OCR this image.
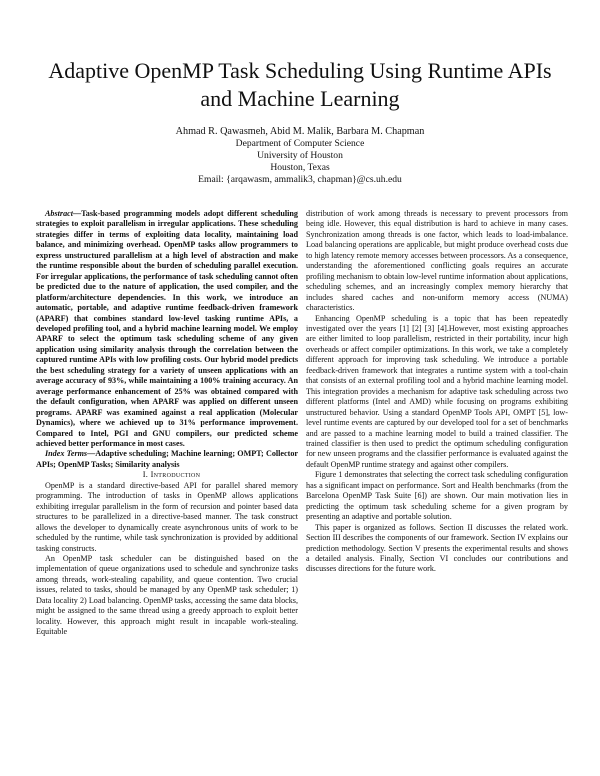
Adaptive OpenMP Task Scheduling Using Runtime APIs and Machine Learning
Ahmad R. Qawasmeh, Abid M. Malik, Barbara M. Chapman
Department of Computer Science
University of Houston
Houston, Texas
Email: {arqawasm, ammalik3, chapman}@cs.uh.edu

Abstract—Task-based programming models adopt different scheduling strategies to exploit parallelism in irregular applications. These scheduling strategies differ in terms of exploiting data locality, maintaining load balance, and minimizing overhead. OpenMP tasks allow programmers to express unstructured parallelism at a high level of abstraction and make the runtime responsible about the burden of scheduling parallel execution. For irregular applications, the performance of task scheduling cannot often be predicted due to the nature of application, the used compiler, and the platform/architecture dependencies. In this work, we introduce an automatic, portable, and adaptive runtime feedback-driven framework (APARF) that combines standard low-level tasking runtime APIs, a developed profiling tool, and a hybrid machine learning model. We employ APARF to select the optimum task scheduling scheme of any given application using similarity analysis through the correlation between the captured runtime APIs with low profiling costs. Our hybrid model predicts the best scheduling strategy for a variety of unseen applications with an average accuracy of 93%, while maintaining a 100% training accuracy. An average performance enhancement of 25% was obtained compared with the default configuration, when APARF was applied on different unseen programs. APARF was examined against a real application (Molecular Dynamics), where we achieved up to 31% performance improvement. Compared to Intel, PGI and GNU compilers, our predicted scheme achieved better performance in most cases.

Index Terms—Adaptive scheduling; Machine learning; OMPT; Collector APIs; OpenMP Tasks; Similarity analysis

I. Introduction

OpenMP is a standard directive-based API for parallel shared memory programming. The introduction of tasks in OpenMP allows applications exhibiting irregular parallelism in the form of recursion and pointer based data structures to be parallelized in a directive-based manner. The task construct allows the developer to dynamically create asynchronous units of work to be scheduled by the runtime, while task synchronization is provided by additional tasking constructs.

An OpenMP task scheduler can be distinguished based on the implementation of queue organizations used to schedule and synchronize tasks among threads, work-stealing capability, and queue contention. Two crucial issues, related to tasks, should be managed by any OpenMP task scheduler; 1) Data locality 2) Load balancing. OpenMP tasks, accessing the same data blocks, might be assigned to the same thread using a greedy approach to exploit better locality. However, this approach might result in incapable work-stealing. Equitable

distribution of work among threads is necessary to prevent processors from being idle. However, this equal distribution is hard to achieve in many cases. Synchronization among threads is one factor, which leads to load-imbalance. Load balancing operations are applicable, but might produce overhead costs due to high latency remote memory accesses between processors. As a consequence, understanding the aforementioned conflicting goals requires an accurate profiling mechanism to obtain low-level runtime information about applications, scheduling schemes, and an increasingly complex memory hierarchy that includes shared caches and non-uniform memory access (NUMA) characteristics.

Enhancing OpenMP scheduling is a topic that has been repeatedly investigated over the years [1] [2] [3] [4].However, most existing approaches are either limited to loop parallelism, restricted in their portability, incur high overheads or affect compiler optimizations. In this work, we take a completely different approach for improving task scheduling. We introduce a portable feedback-driven framework that integrates a runtime system with a tool-chain that consists of an external profiling tool and a hybrid machine learning model. This integration provides a mechanism for adaptive task scheduling across two different platforms (Intel and AMD) while focusing on programs exhibiting unstructured behavior. Using a standard OpenMP Tools API, OMPT [5], low-level runtime events are captured by our developed tool for a set of benchmarks and are passed to a machine learning model to build a trained classifier. The trained classifier is then used to predict the optimum scheduling configuration for new unseen programs and the classifier performance is evaluated against the default OpenMP runtime strategy and against other compilers.

Figure 1 demonstrates that selecting the correct task scheduling configuration has a significant impact on performance. Sort and Health benchmarks (from the Barcelona OpenMP Task Suite [6]) are shown. Our main motivation lies in predicting the optimum task scheduling scheme for a given program by presenting an adaptive and portable solution.

This paper is organized as follows. Section II discusses the related work. Section III describes the components of our framework. Section IV explains our prediction methodology. Section V presents the experimental results and shows a detailed analysis. Finally, Section VI concludes our contributions and discusses directions for the future work.
